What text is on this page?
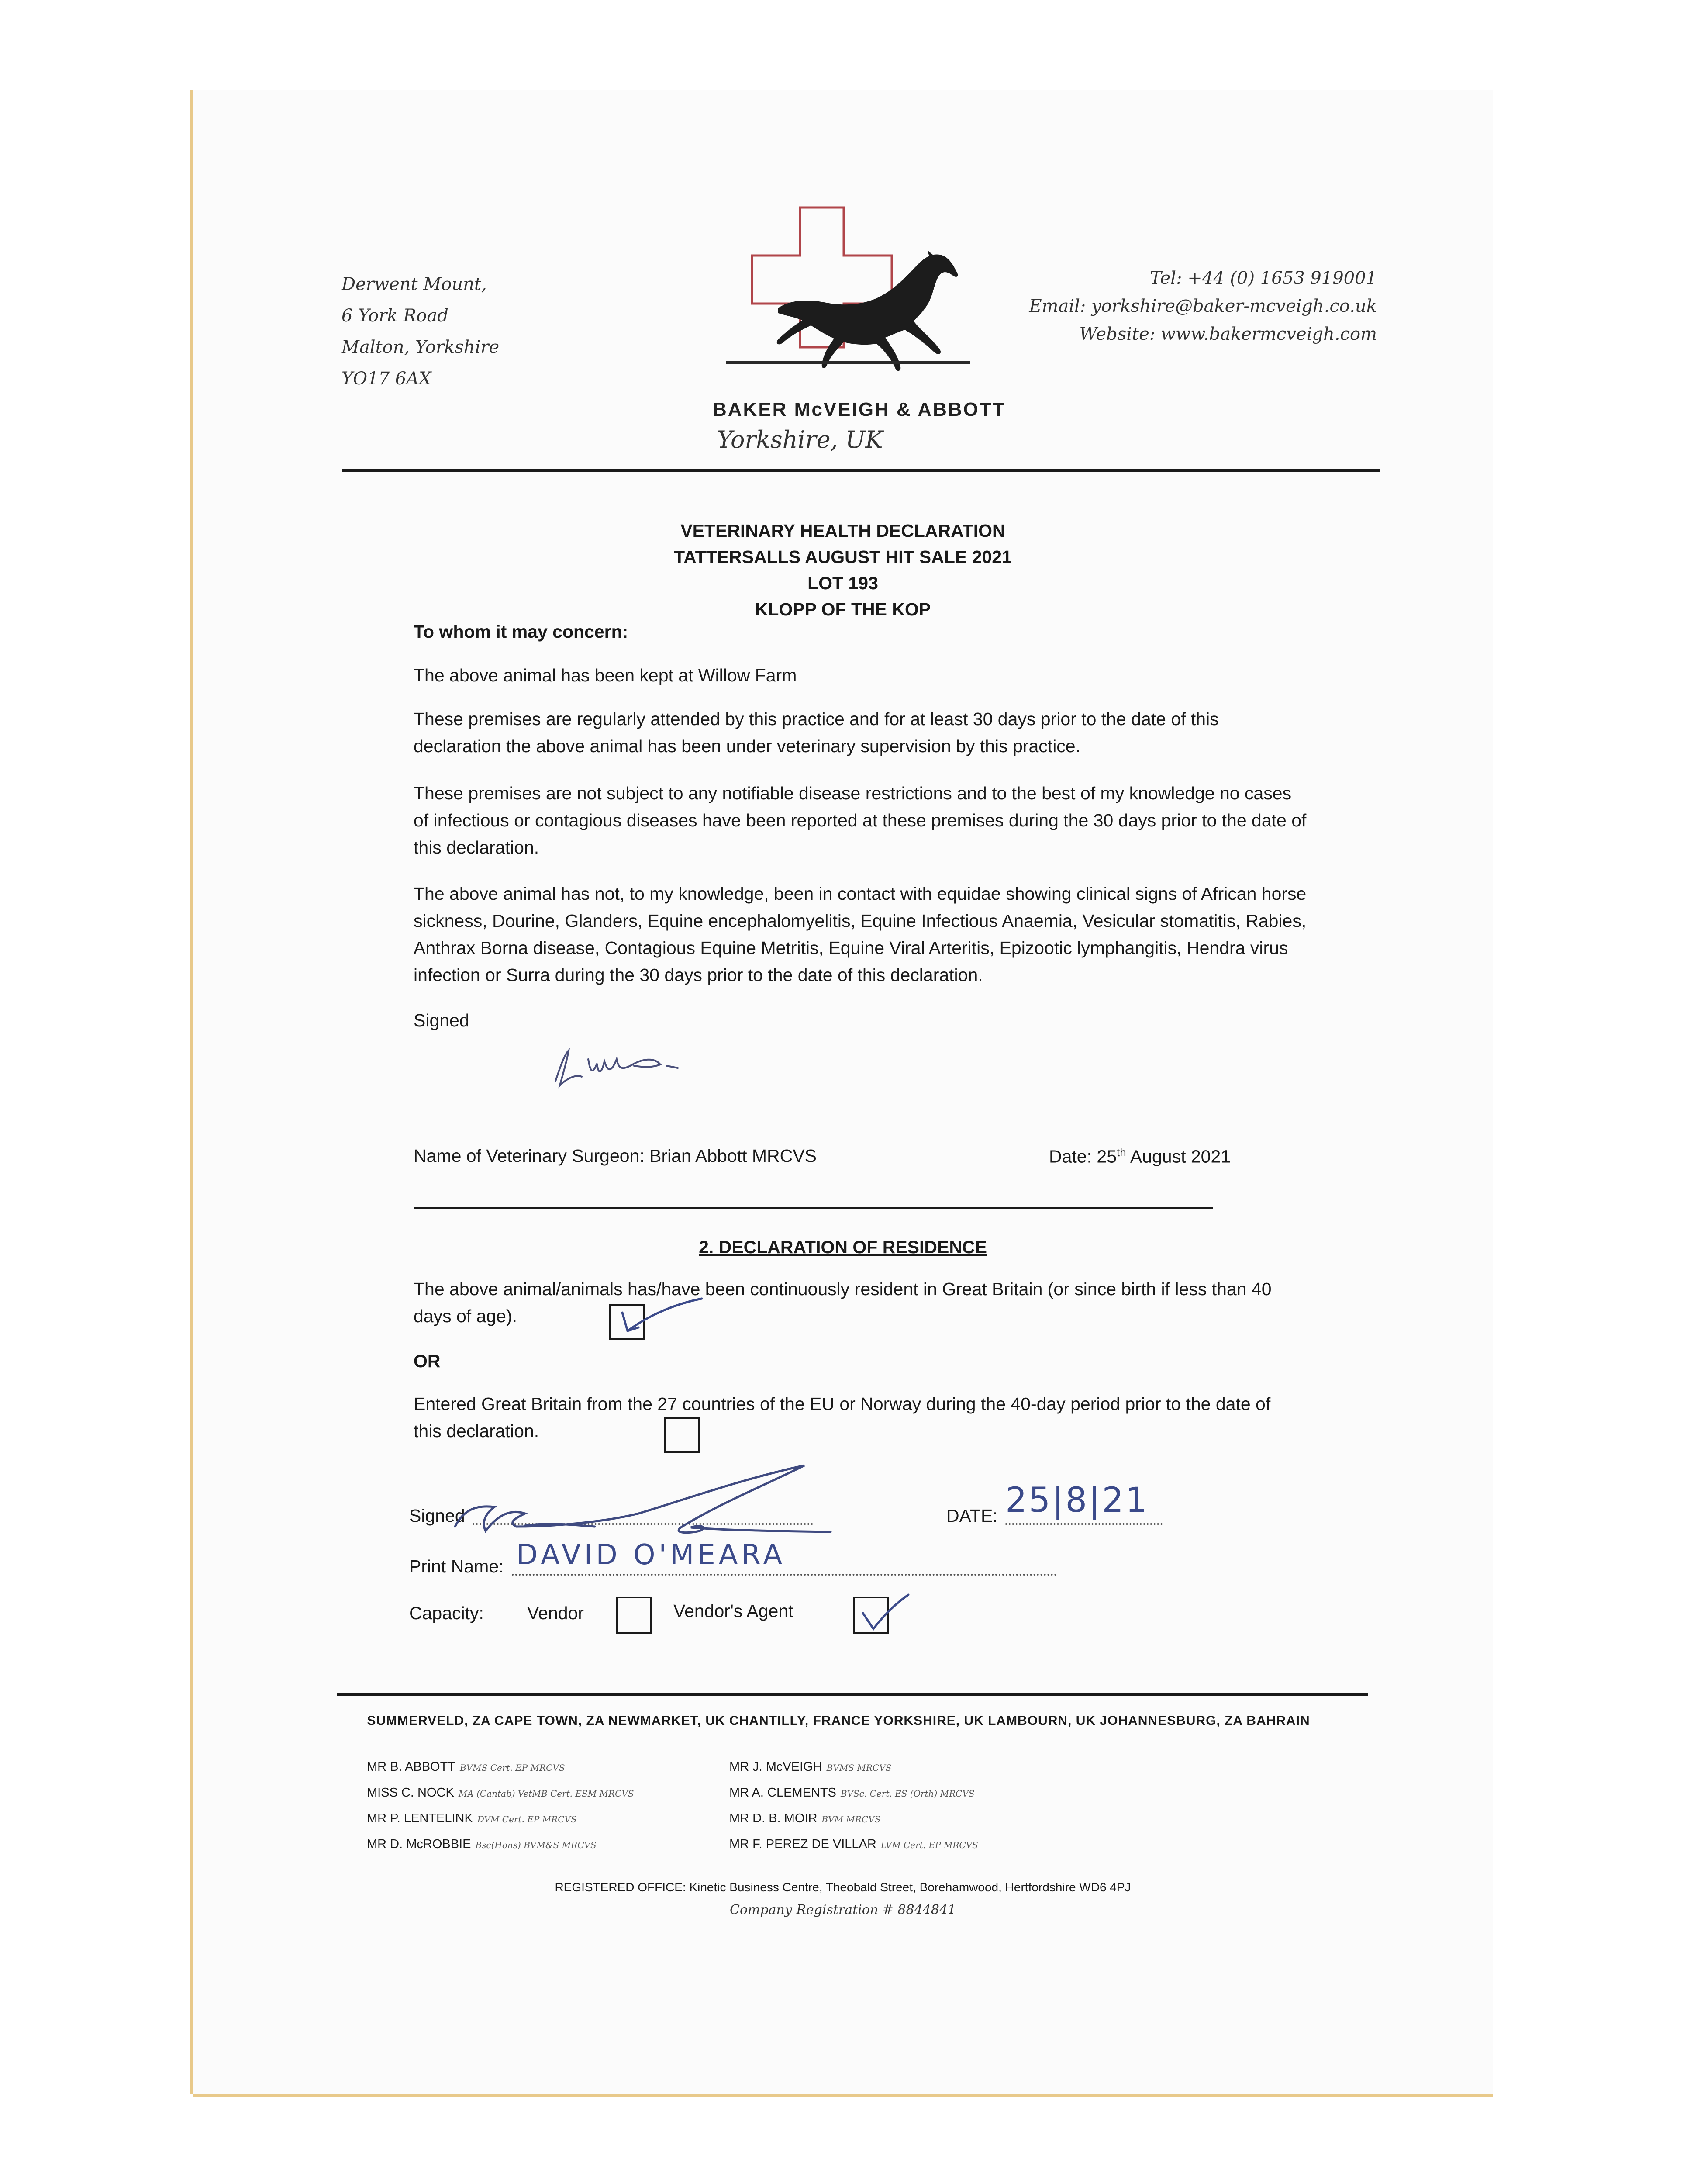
Derwent Mount,
6 York Road
Malton, Yorkshire
YO17 6AX
BAKER McVEIGH & ABBOTT
Yorkshire, UK
Tel: +44 (0) 1653 919001
Email: yorkshire@baker-mcveigh.co.uk
Website: www.bakermcveigh.com
VETERINARY HEALTH DECLARATION
TATTERSALLS AUGUST HIT SALE 2021
LOT 193
KLOPP OF THE KOP
To whom it may concern:
The above animal has been kept at Willow Farm
These premises are regularly attended by this practice and for at least 30 days prior to the date of this declaration the above animal has been under veterinary supervision by this practice.
These premises are not subject to any notifiable disease restrictions and to the best of my knowledge no cases of infectious or contagious diseases have been reported at these premises during the 30 days prior to the date of this declaration.
The above animal has not, to my knowledge, been in contact with equidae showing clinical signs of African horse sickness, Dourine, Glanders, Equine encephalomyelitis, Equine Infectious Anaemia, Vesicular stomatitis, Rabies, Anthrax Borna disease, Contagious Equine Metritis, Equine Viral Arteritis, Epizootic lymphangitis, Hendra virus infection or Surra during the 30 days prior to the date of this declaration.
Signed
Name of Veterinary Surgeon: Brian Abbott MRCVS	Date: 25th August 2021
2. DECLARATION OF RESIDENCE
The above animal/animals has/have been continuously resident in Great Britain (or since birth if less than 40 days of age).
OR
Entered Great Britain from the 27 countries of the EU or Norway during the 40-day period prior to the date of this declaration.
Signed	DATE: 25|8|21
Print Name: DAVID O'MEARA
Capacity: Vendor	Vendor's Agent
SUMMERVELD, ZA CAPE TOWN, ZA NEWMARKET, UK CHANTILLY, FRANCE YORKSHIRE, UK LAMBOURN, UK JOHANNESBURG, ZA BAHRAIN
MR B. ABBOTT BVMS Cert. EP MRCVS
MISS C. NOCK MA (Cantab) VetMB Cert. ESM MRCVS
MR P. LENTELINK DVM Cert. EP MRCVS
MR D. McROBBIE Bsc(Hons) BVM&S MRCVS
MR J. McVEIGH BVMS MRCVS
MR A. CLEMENTS BVSc. Cert. ES (Orth) MRCVS
MR D. B. MOIR BVM MRCVS
MR F. PEREZ DE VILLAR LVM Cert. EP MRCVS
REGISTERED OFFICE: Kinetic Business Centre, Theobald Street, Borehamwood, Hertfordshire WD6 4PJ
Company Registration # 8844841
